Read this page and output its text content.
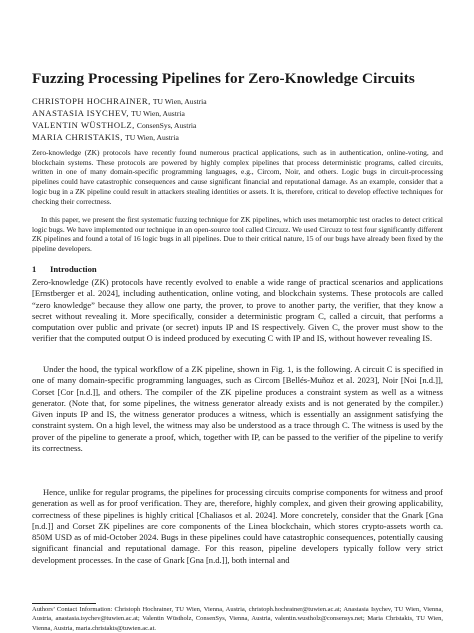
Fuzzing Processing Pipelines for Zero-Knowledge Circuits
CHRISTOPH HOCHRAINER, TU Wien, Austria
ANASTASIA ISYCHEV, TU Wien, Austria
VALENTIN WÜSTHOLZ, ConsenSys, Austria
MARIA CHRISTAKIS, TU Wien, Austria

Zero-knowledge (ZK) protocols have recently found numerous practical applications, such as in authentication, online-voting, and blockchain systems. These protocols are powered by highly complex pipelines that process deterministic programs, called circuits, written in one of many domain-specific programming languages, e.g., Circom, Noir, and others. Logic bugs in circuit-processing pipelines could have catastrophic consequences and cause significant financial and reputational damage. As an example, consider that a logic bug in a ZK pipeline could result in attackers stealing identities or assets. It is, therefore, critical to develop effective techniques for checking their correctness.

In this paper, we present the first systematic fuzzing technique for ZK pipelines, which uses metamorphic test oracles to detect critical logic bugs. We have implemented our technique in an open-source tool called Circuzz. We used Circuzz to test four significantly different ZK pipelines and found a total of 16 logic bugs in all pipelines. Due to their critical nature, 15 of our bugs have already been fixed by the pipeline developers.

1 Introduction

Zero-knowledge (ZK) protocols have recently evolved to enable a wide range of practical scenarios and applications [Ernstberger et al. 2024], including authentication, online voting, and blockchain systems. These protocols are called “zero knowledge” because they allow one party, the prover, to prove to another party, the verifier, that they know a secret without revealing it. More specifically, consider a deterministic program C, called a circuit, that performs a computation over public and private (or secret) inputs IP and IS respectively. Given C, the prover must show to the verifier that the computed output O is indeed produced by executing C with IP and IS, without however revealing IS.

Under the hood, the typical workflow of a ZK pipeline, shown in Fig. 1, is the following. A circuit C is specified in one of many domain-specific programming languages, such as Circom [Bellés-Muñoz et al. 2023], Noir [Noi [n.d.]], Corset [Cor [n.d.]], and others. The compiler of the ZK pipeline produces a constraint system as well as a witness generator. (Note that, for some pipelines, the witness generator already exists and is not generated by the compiler.) Given inputs IP and IS, the witness generator produces a witness, which is essentially an assignment satisfying the constraint system. On a high level, the witness may also be understood as a trace through C. The witness is used by the prover of the pipeline to generate a proof, which, together with IP, can be passed to the verifier of the pipeline to verify its correctness.

Hence, unlike for regular programs, the pipelines for processing circuits comprise components for witness and proof generation as well as for proof verification. They are, therefore, highly complex, and given their growing applicability, correctness of these pipelines is highly critical [Chaliasos et al. 2024]. More concretely, consider that the Gnark [Gna [n.d.]] and Corset ZK pipelines are core components of the Linea blockchain, which stores crypto-assets worth ca. 850M USD as of mid-October 2024. Bugs in these pipelines could have catastrophic consequences, potentially causing significant financial and reputational damage. For this reason, pipeline developers typically follow very strict development processes. In the case of Gnark [Gna [n.d.]], both internal and

Authors’ Contact Information: Christoph Hochrainer, TU Wien, Vienna, Austria, christoph.hochrainer@tuwien.ac.at; Anastasia Isychev, TU Wien, Vienna, Austria, anastasia.isychev@tuwien.ac.at; Valentin Wüstholz, ConsenSys, Vienna, Austria, valentin.wustholz@consensys.net; Maria Christakis, TU Wien, Vienna, Austria, maria.christakis@tuwien.ac.at.
